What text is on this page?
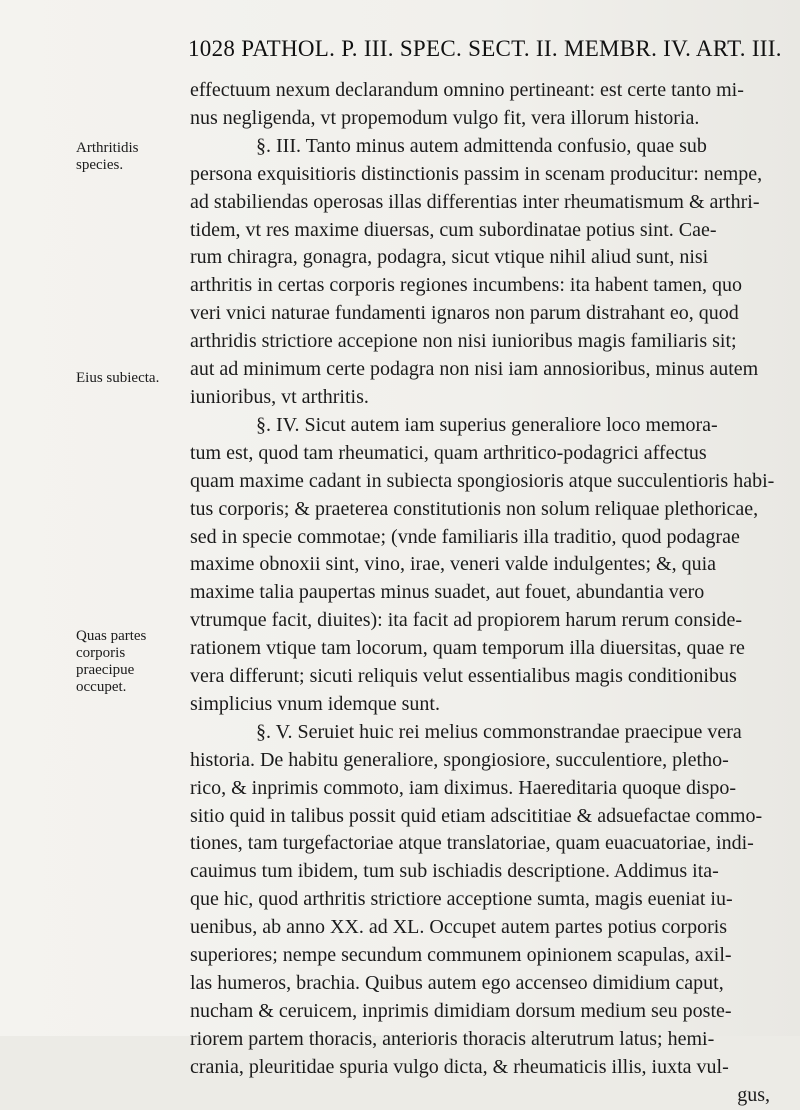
1028 PATHOL. P. III. SPEC. SECT. II. MEMBR. IV. ART. III.
Arthritidis species.
Eius subiecta.
Quas partes corporis praecipue occupet.
effectuum nexum declarandum omnino pertineant: est certe tanto mi-
nus negligenda, vt propemodum vulgo fit, vera illorum historia.
§. III. Tanto minus autem admittenda confusio, quae sub
persona exquisitioris distinctionis passim in scenam producitur: nempe,
ad stabiliendas operosas illas differentias inter rheumatismum & arthri-
tidem, vt res maxime diuersas, cum subordinatae potius sint. Cae-
rum chiragra, gonagra, podagra, sicut vtique nihil aliud sunt, nisi
arthritis in certas corporis regiones incumbens: ita habent tamen, quo
veri vnici naturae fundamenti ignaros non parum distrahant eo, quod
arthridis strictiore accepione non nisi iunioribus magis familiaris sit;
aut ad minimum certe podagra non nisi iam annosioribus, minus autem
iunioribus, vt arthritis.
§. IV. Sicut autem iam superius generaliore loco memora-
tum est, quod tam rheumatici, quam arthritico-podagrici affectus
quam maxime cadant in subiecta spongiosioris atque succulentioris habi-
tus corporis; & praeterea constitutionis non solum reliquae plethoricae,
sed in specie commotae; (vnde familiaris illa traditio, quod podagrae
maxime obnoxii sint, vino, irae, veneri valde indulgentes; &, quia
maxime talia paupertas minus suadet, aut fouet, abundantia vero
vtrumque facit, diuites): ita facit ad propiorem harum rerum conside-
rationem vtique tam locorum, quam temporum illa diuersitas, quae re
vera differunt; sicuti reliquis velut essentialibus magis conditionibus
simplicius vnum idemque sunt.
§. V. Seruiet huic rei melius commonstrandae praecipue vera
historia. De habitu generaliore, spongiosiore, succulentiore, pletho-
rico, & inprimis commoto, iam diximus. Haereditaria quoque dispo-
sitio quid in talibus possit quid etiam adscititiae & adsuefactae commo-
tiones, tam turgefactoriae atque translatoriae, quam euacuatoriae, indi-
cauimus tum ibidem, tum sub ischiadis descriptione. Addimus ita-
que hic, quod arthritis strictiore acceptione sumta, magis eueniat iu-
uenibus, ab anno XX. ad XL. Occupet autem partes potius corporis
superiores; nempe secundum communem opinionem scapulas, axil-
las humeros, brachia. Quibus autem ego accenseo dimidium caput,
nucham & ceruicem, inprimis dimidiam dorsum medium seu poste-
riorem partem thoracis, anterioris thoracis alterutrum latus; hemi-
crania, pleuritidae spuria vulgo dicta, & rheumaticis illis, iuxta vul-
gus,
